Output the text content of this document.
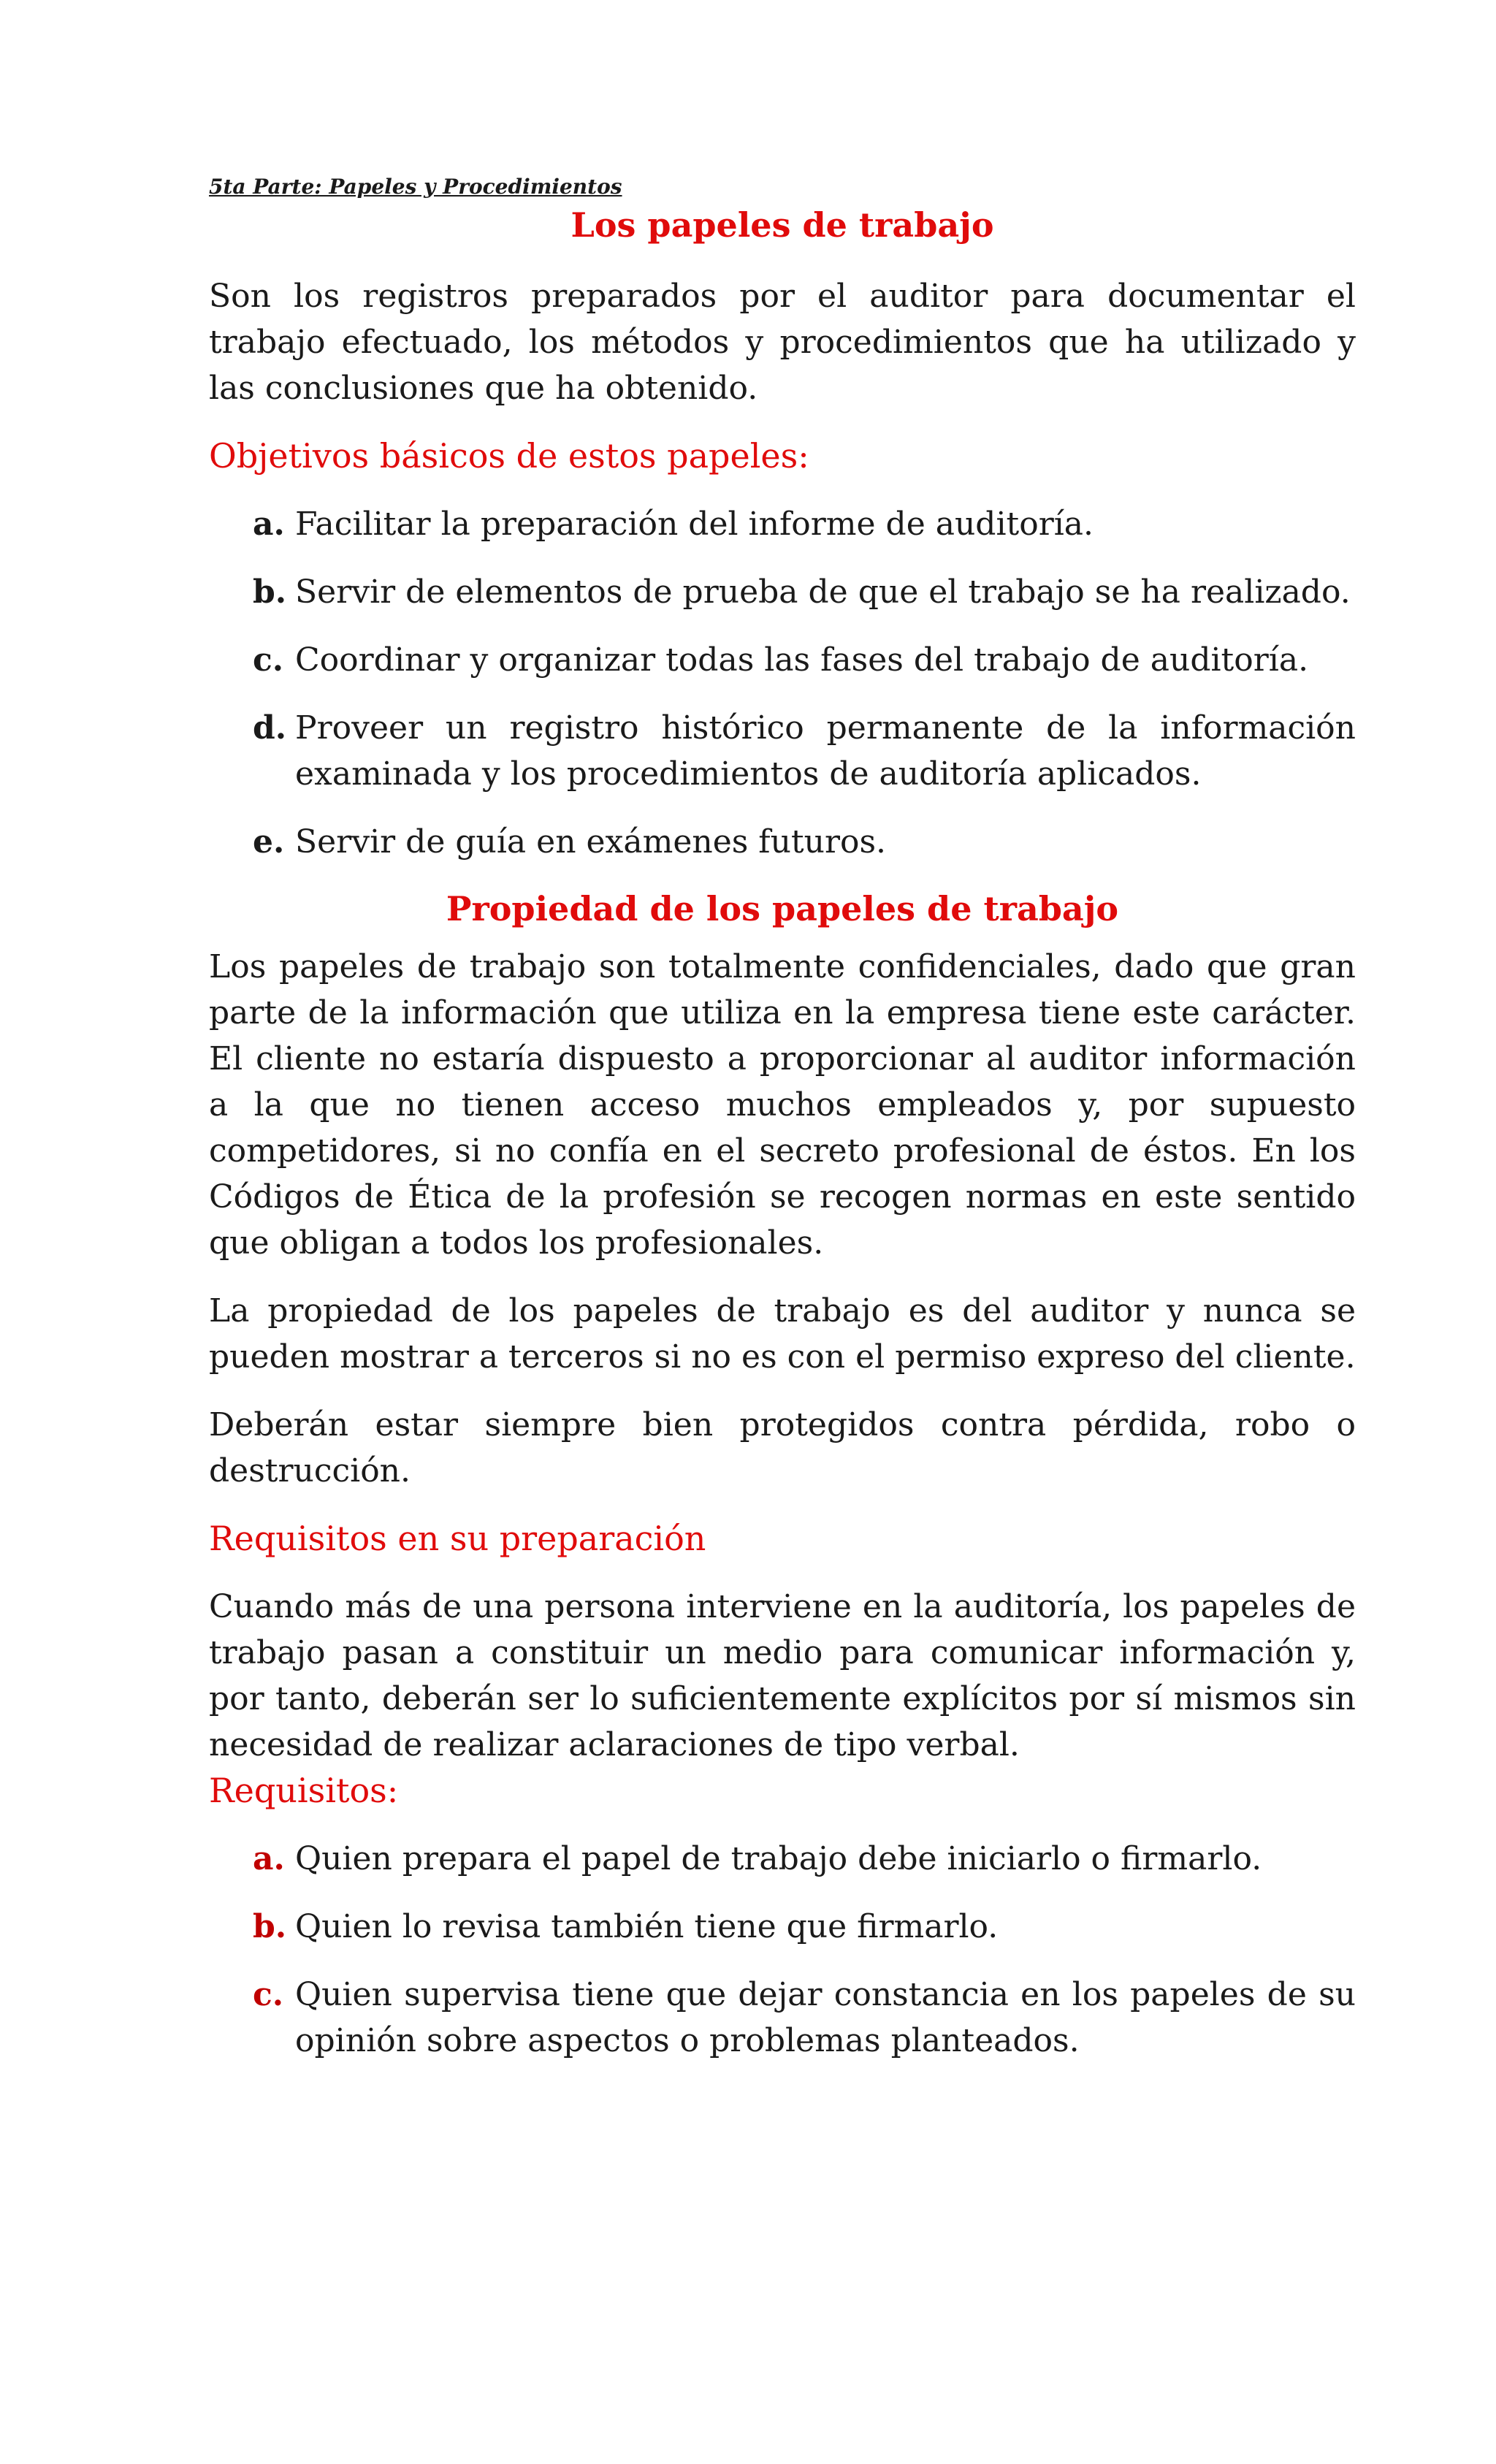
5ta Parte: Papeles y Procedimientos
Los papeles de trabajo

Son los registros preparados por el auditor para documentar el trabajo efectuado, los métodos y procedimientos que ha utilizado y las conclusiones que ha obtenido.

Objetivos básicos de estos papeles:
a. Facilitar la preparación del informe de auditoría.
b. Servir de elementos de prueba de que el trabajo se ha realizado.
c. Coordinar y organizar todas las fases del trabajo de auditoría.
d. Proveer un registro histórico permanente de la información examinada y los procedimientos de auditoría aplicados.
e. Servir de guía en exámenes futuros.
Propiedad de los papeles de trabajo

Los papeles de trabajo son totalmente confidenciales, dado que gran parte de la información que utiliza en la empresa tiene este carácter. El cliente no estaría dispuesto a proporcionar al auditor información a la que no tienen acceso muchos empleados y, por supuesto competidores, si no confía en el secreto profesional de éstos. En los Códigos de Ética de la profesión se recogen normas en este sentido que obligan a todos los profesionales.

La propiedad de los papeles de trabajo es del auditor y nunca se pueden mostrar a terceros si no es con el permiso expreso del cliente.

Deberán estar siempre bien protegidos contra pérdida, robo o destrucción.

Requisitos en su preparación

Cuando más de una persona interviene en la auditoría, los papeles de trabajo pasan a constituir un medio para comunicar información y, por tanto, deberán ser lo suficientemente explícitos por sí mismos sin necesidad de realizar aclaraciones de tipo verbal.

Requisitos:
a. Quien prepara el papel de trabajo debe iniciarlo o firmarlo.
b. Quien lo revisa también tiene que firmarlo.
c. Quien supervisa tiene que dejar constancia en los papeles de su opinión sobre aspectos o problemas planteados.
